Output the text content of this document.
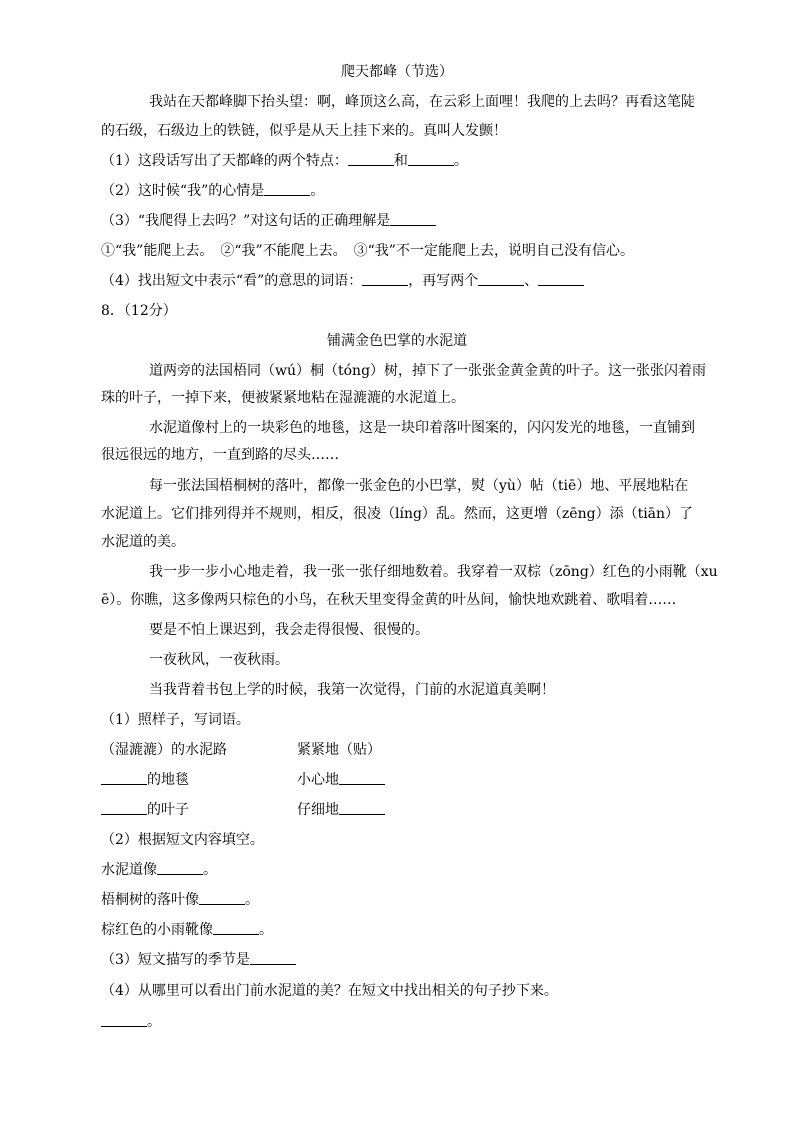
爬天都峰（节选）
我站在天都峰脚下抬头望：啊，峰顶这么高，在云彩上面哩！我爬的上去吗？再看这笔陡
的石级，石级边上的铁链，似乎是从天上挂下来的。真叫人发颤！
（1）这段话写出了天都峰的两个特点：	和	。
（2）这时候“我”的心情是	。
（3）“我爬得上去吗？”对这句话的正确理解是
①“我”能爬上去。　②“我”不能爬上去。　③“我”不一定能爬上去，说明自己没有信心。
（4）找出短文中表示“看”的意思的词语：	，再写两个	、
8．（12分）
铺满金色巴掌的水泥道
道两旁的法国梧同（wú）桐（tóng）树，掉下了一张张金黄金黄的叶子。这一张张闪着雨
珠的叶子，一掉下来，便被紧紧地粘在湿漉漉的水泥道上。
水泥道像村上的一块彩色的地毯，这是一块印着落叶图案的，闪闪发光的地毯，一直铺到
很远很远的地方，一直到路的尽头……
每一张法国梧桐树的落叶，都像一张金色的小巴掌，熨（yù）帖（tiē）地、平展地粘在
水泥道上。它们排列得并不规则，相反，很凌（líng）乱。然而，这更增（zēng）添（tiān）了
水泥道的美。
我一步一步小心地走着，我一张一张仔细地数着。我穿着一双棕（zōng）红色的小雨靴（xu
ē）。你瞧，这多像两只棕色的小鸟，在秋天里变得金黄的叶丛间，愉快地欢跳着、歌唱着……
要是不怕上课迟到，我会走得很慢、很慢的。
一夜秋风，一夜秋雨。
当我背着书包上学的时候，我第一次觉得，门前的水泥道真美啊！
（1）照样子，写词语。
（湿漉漉）的水泥路	紧紧地（贴）
的地毯	小心地
的叶子	仔细地
（2）根据短文内容填空。
水泥道像	。
梧桐树的落叶像	。
棕红色的小雨靴像	。
（3）短文描写的季节是
（4）从哪里可以看出门前水泥道的美？在短文中找出相关的句子抄下来。
。
